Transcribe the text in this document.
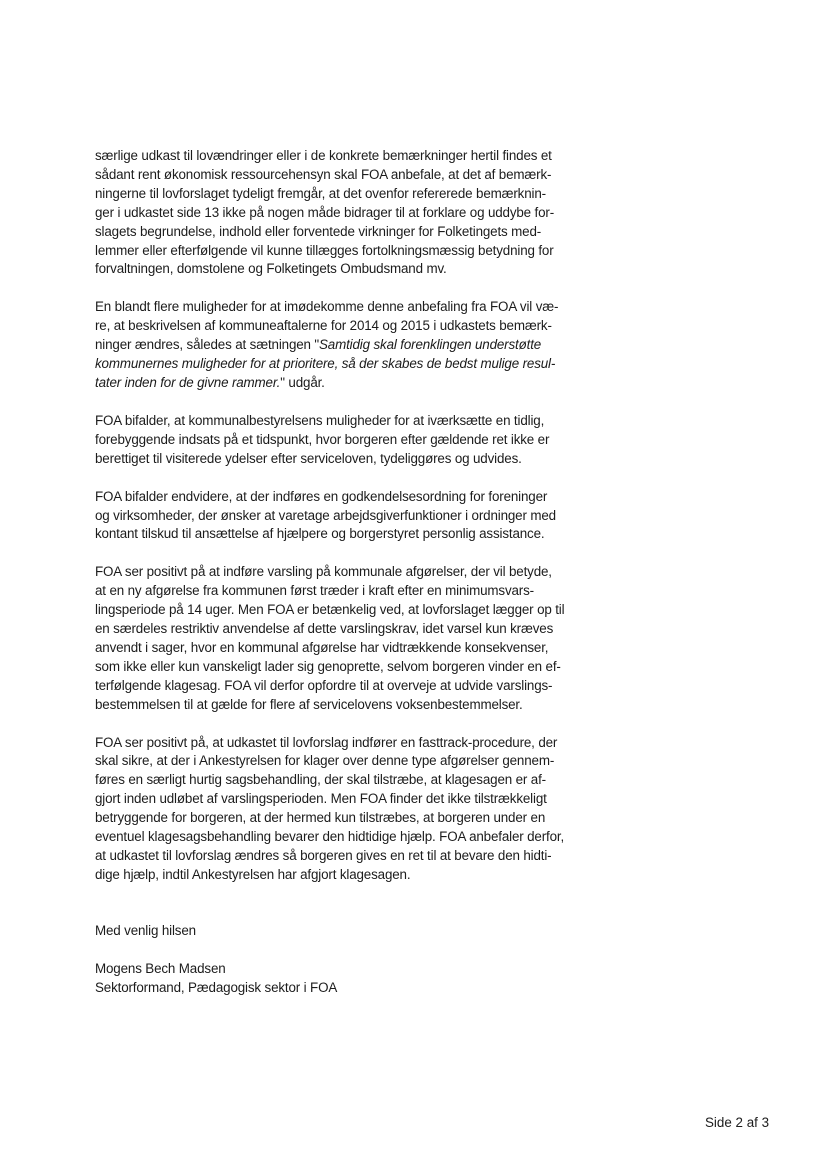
særlige udkast til lovændringer eller i de konkrete bemærkninger hertil findes et
sådant rent økonomisk ressourcehensyn skal FOA anbefale, at det af bemærk-
ningerne til lovforslaget tydeligt fremgår, at det ovenfor refererede bemærknin-
ger i udkastet side 13 ikke på nogen måde bidrager til at forklare og uddybe for-
slagets begrundelse, indhold eller forventede virkninger for Folketingets med-
lemmer eller efterfølgende vil kunne tillægges fortolkningsmæssig betydning for
forvaltningen, domstolene og Folketingets Ombudsmand mv.

En blandt flere muligheder for at imødekomme denne anbefaling fra FOA vil væ-
re, at beskrivelsen af kommuneaftalerne for 2014 og 2015 i udkastets bemærk-
ninger ændres, således at sætningen "Samtidig skal forenklingen understøtte
kommunernes muligheder for at prioritere, så der skabes de bedst mulige resul-
tater inden for de givne rammer." udgår.

FOA bifalder, at kommunalbestyrelsens muligheder for at iværksætte en tidlig,
forebyggende indsats på et tidspunkt, hvor borgeren efter gældende ret ikke er
berettiget til visiterede ydelser efter serviceloven, tydeliggøres og udvides.

FOA bifalder endvidere, at der indføres en godkendelsesordning for foreninger
og virksomheder, der ønsker at varetage arbejdsgiverfunktioner i ordninger med
kontant tilskud til ansættelse af hjælpere og borgerstyret personlig assistance.

FOA ser positivt på at indføre varsling på kommunale afgørelser, der vil betyde,
at en ny afgørelse fra kommunen først træder i kraft efter en minimumsvars-
lingsperiode på 14 uger. Men FOA er betænkelig ved, at lovforslaget lægger op til
en særdeles restriktiv anvendelse af dette varslingskrav, idet varsel kun kræves
anvendt i sager, hvor en kommunal afgørelse har vidtrækkende konsekvenser,
som ikke eller kun vanskeligt lader sig genoprette, selvom borgeren vinder en ef-
terfølgende klagesag. FOA vil derfor opfordre til at overveje at udvide varslings-
bestemmelsen til at gælde for flere af servicelovens voksenbestemmelser.

FOA ser positivt på, at udkastet til lovforslag indfører en fasttrack-procedure, der
skal sikre, at der i Ankestyrelsen for klager over denne type afgørelser gennem-
føres en særligt hurtig sagsbehandling, der skal tilstræbe, at klagesagen er af-
gjort inden udløbet af varslingsperioden. Men FOA finder det ikke tilstrækkeligt
betryggende for borgeren, at der hermed kun tilstræbes, at borgeren under en
eventuel klagesagsbehandling bevarer den hidtidige hjælp. FOA anbefaler derfor,
at udkastet til lovforslag ændres så borgeren gives en ret til at bevare den hidti-
dige hjælp, indtil Ankestyrelsen har afgjort klagesagen.

Med venlig hilsen

Mogens Bech Madsen
Sektorformand, Pædagogisk sektor i FOA

Side 2 af 3
